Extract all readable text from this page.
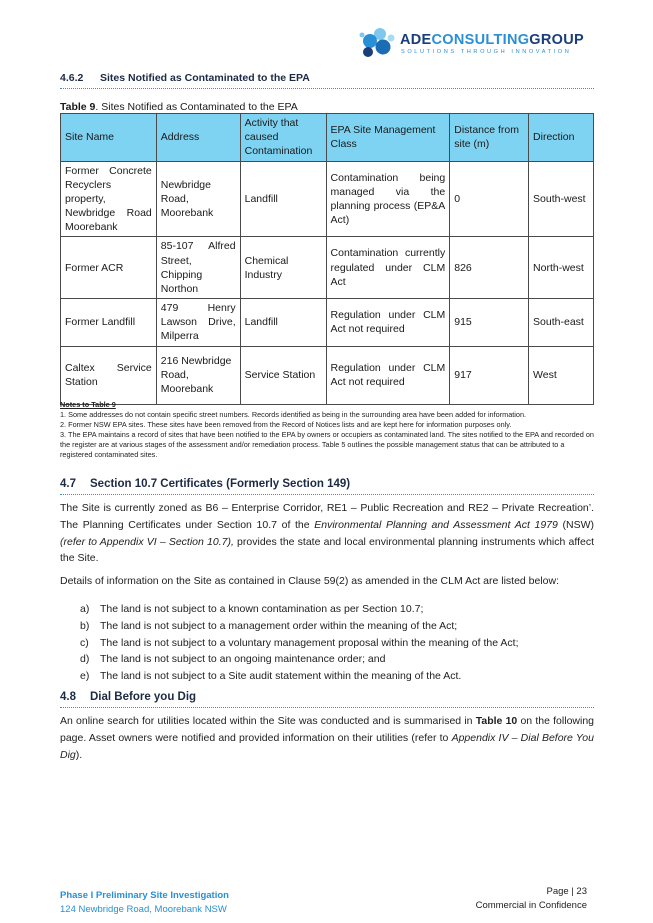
ADECONSULTINGGROUP
SOLUTIONS THROUGH INNOVATION
4.6.2 Sites Notified as Contaminated to the EPA
Table 9. Sites Notified as Contaminated to the EPA
Site Name	Address	Activity that caused Contamination	EPA Site Management Class	Distance from site (m)	Direction
Former Concrete Recyclers property, Newbridge Road Moorebank	Newbridge Road, Moorebank	Landfill	Contamination being managed via the planning process (EP&A Act)	0	South-west
Former ACR	85-107 Alfred Street, Chipping Northon	Chemical Industry	Contamination currently regulated under CLM Act	826	North-west
Former Landfill	479 Henry Lawson Drive, Milperra	Landfill	Regulation under CLM Act not required	915	South-east
Caltex Service Station	216 Newbridge Road, Moorebank	Service Station	Regulation under CLM Act not required	917	West
Notes to Table 9
1. Some addresses do not contain specific street numbers. Records identified as being in the surrounding area have been added for information.
2. Former NSW EPA sites. These sites have been removed from the Record of Notices lists and are kept here for information purposes only.
3. The EPA maintains a record of sites that have been notified to the EPA by owners or occupiers as contaminated land. The sites notified to the EPA and recorded on the register are at various stages of the assessment and/or remediation process. Table 5 outlines the possible management status that can be attributed to a registered contaminated sites.
4.7 Section 10.7 Certificates (Formerly Section 149)
The Site is currently zoned as B6 – Enterprise Corridor, RE1 – Public Recreation and RE2 – Private Recreation’. The Planning Certificates under Section 10.7 of the Environmental Planning and Assessment Act 1979 (NSW) (refer to Appendix VI – Section 10.7), provides the state and local environmental planning instruments which affect the Site.
Details of information on the Site as contained in Clause 59(2) as amended in the CLM Act are listed below:
a) The land is not subject to a known contamination as per Section 10.7;
b) The land is not subject to a management order within the meaning of the Act;
c) The land is not subject to a voluntary management proposal within the meaning of the Act;
d) The land is not subject to an ongoing maintenance order; and
e) The land is not subject to a Site audit statement within the meaning of the Act.
4.8 Dial Before you Dig
An online search for utilities located within the Site was conducted and is summarised in Table 10 on the following page. Asset owners were notified and provided information on their utilities (refer to Appendix IV – Dial Before You Dig).
Phase I Preliminary Site Investigation
124 Newbridge Road, Moorebank NSW
Page | 23
Commercial in Confidence
